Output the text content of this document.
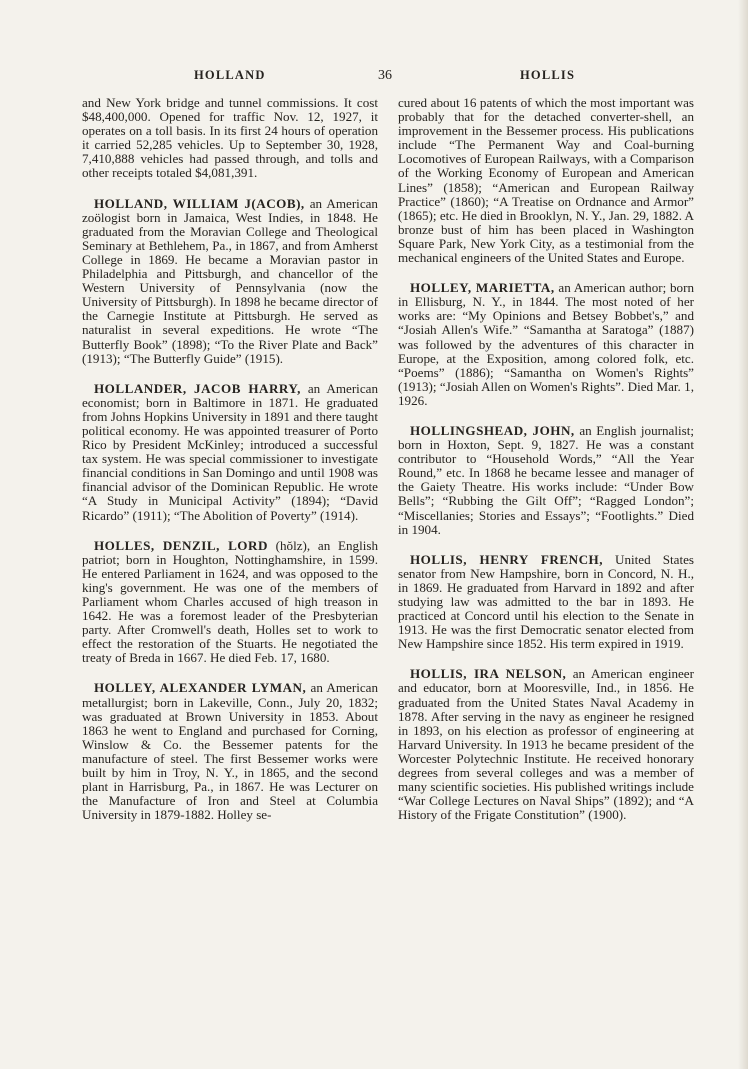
HOLLAND	36	HOLLIS

and New York bridge and tunnel commissions. It cost $48,400,000. Opened for traffic Nov. 12, 1927, it operates on a toll basis. In its first 24 hours of operation it carried 52,285 vehicles. Up to September 30, 1928, 7,410,888 vehicles had passed through, and tolls and other receipts totaled $4,081,391.

HOLLAND, WILLIAM J(ACOB), an American zoölogist born in Jamaica, West Indies, in 1848. He graduated from the Moravian College and Theological Seminary at Bethlehem, Pa., in 1867, and from Amherst College in 1869. He became a Moravian pastor in Philadelphia and Pittsburgh, and chancellor of the Western University of Pennsylvania (now the University of Pittsburgh). In 1898 he became director of the Carnegie Institute at Pittsburgh. He served as naturalist in several expeditions. He wrote “The Butterfly Book” (1898); “To the River Plate and Back” (1913); “The Butterfly Guide” (1915).

HOLLANDER, JACOB HARRY, an American economist; born in Baltimore in 1871. He graduated from Johns Hopkins University in 1891 and there taught political economy. He was appointed treasurer of Porto Rico by President McKinley; introduced a successful tax system. He was special commissioner to investigate financial conditions in San Domingo and until 1908 was financial advisor of the Dominican Republic. He wrote “A Study in Municipal Activity” (1894); “David Ricardo” (1911); “The Abolition of Poverty” (1914).

HOLLES, DENZIL, LORD (hŏlz), an English patriot; born in Houghton, Nottinghamshire, in 1599. He entered Parliament in 1624, and was opposed to the king's government. He was one of the members of Parliament whom Charles accused of high treason in 1642. He was a foremost leader of the Presbyterian party. After Cromwell's death, Holles set to work to effect the restoration of the Stuarts. He negotiated the treaty of Breda in 1667. He died Feb. 17, 1680.

HOLLEY, ALEXANDER LYMAN, an American metallurgist; born in Lakeville, Conn., July 20, 1832; was graduated at Brown University in 1853. About 1863 he went to England and purchased for Corning, Winslow & Co. the Bessemer patents for the manufacture of steel. The first Bessemer works were built by him in Troy, N. Y., in 1865, and the second plant in Harrisburg, Pa., in 1867. He was Lecturer on the Manufacture of Iron and Steel at Columbia University in 1879-1882. Holley se-

cured about 16 patents of which the most important was probably that for the detached converter-shell, an improvement in the Bessemer process. His publications include “The Permanent Way and Coal-burning Locomotives of European Railways, with a Comparison of the Working Economy of European and American Lines” (1858); “American and European Railway Practice” (1860); “A Treatise on Ordnance and Armor” (1865); etc. He died in Brooklyn, N. Y., Jan. 29, 1882. A bronze bust of him has been placed in Washington Square Park, New York City, as a testimonial from the mechanical engineers of the United States and Europe.

HOLLEY, MARIETTA, an American author; born in Ellisburg, N. Y., in 1844. The most noted of her works are: “My Opinions and Betsey Bobbet's,” and “Josiah Allen's Wife.” “Samantha at Saratoga” (1887) was followed by the adventures of this character in Europe, at the Exposition, among colored folk, etc. “Poems” (1886); “Samantha on Women's Rights” (1913); “Josiah Allen on Women's Rights”. Died Mar. 1, 1926.

HOLLINGSHEAD, JOHN, an English journalist; born in Hoxton, Sept. 9, 1827. He was a constant contributor to “Household Words,” “All the Year Round,” etc. In 1868 he became lessee and manager of the Gaiety Theatre. His works include: “Under Bow Bells”; “Rubbing the Gilt Off”; “Ragged London”; “Miscellanies; Stories and Essays”; “Footlights.” Died in 1904.

HOLLIS, HENRY FRENCH, United States senator from New Hampshire, born in Concord, N. H., in 1869. He graduated from Harvard in 1892 and after studying law was admitted to the bar in 1893. He practiced at Concord until his election to the Senate in 1913. He was the first Democratic senator elected from New Hampshire since 1852. His term expired in 1919.

HOLLIS, IRA NELSON, an American engineer and educator, born at Mooresville, Ind., in 1856. He graduated from the United States Naval Academy in 1878. After serving in the navy as engineer he resigned in 1893, on his election as professor of engineering at Harvard University. In 1913 he became president of the Worcester Polytechnic Institute. He received honorary degrees from several colleges and was a member of many scientific societies. His published writings include “War College Lectures on Naval Ships” (1892); and “A History of the Frigate Constitution” (1900).
